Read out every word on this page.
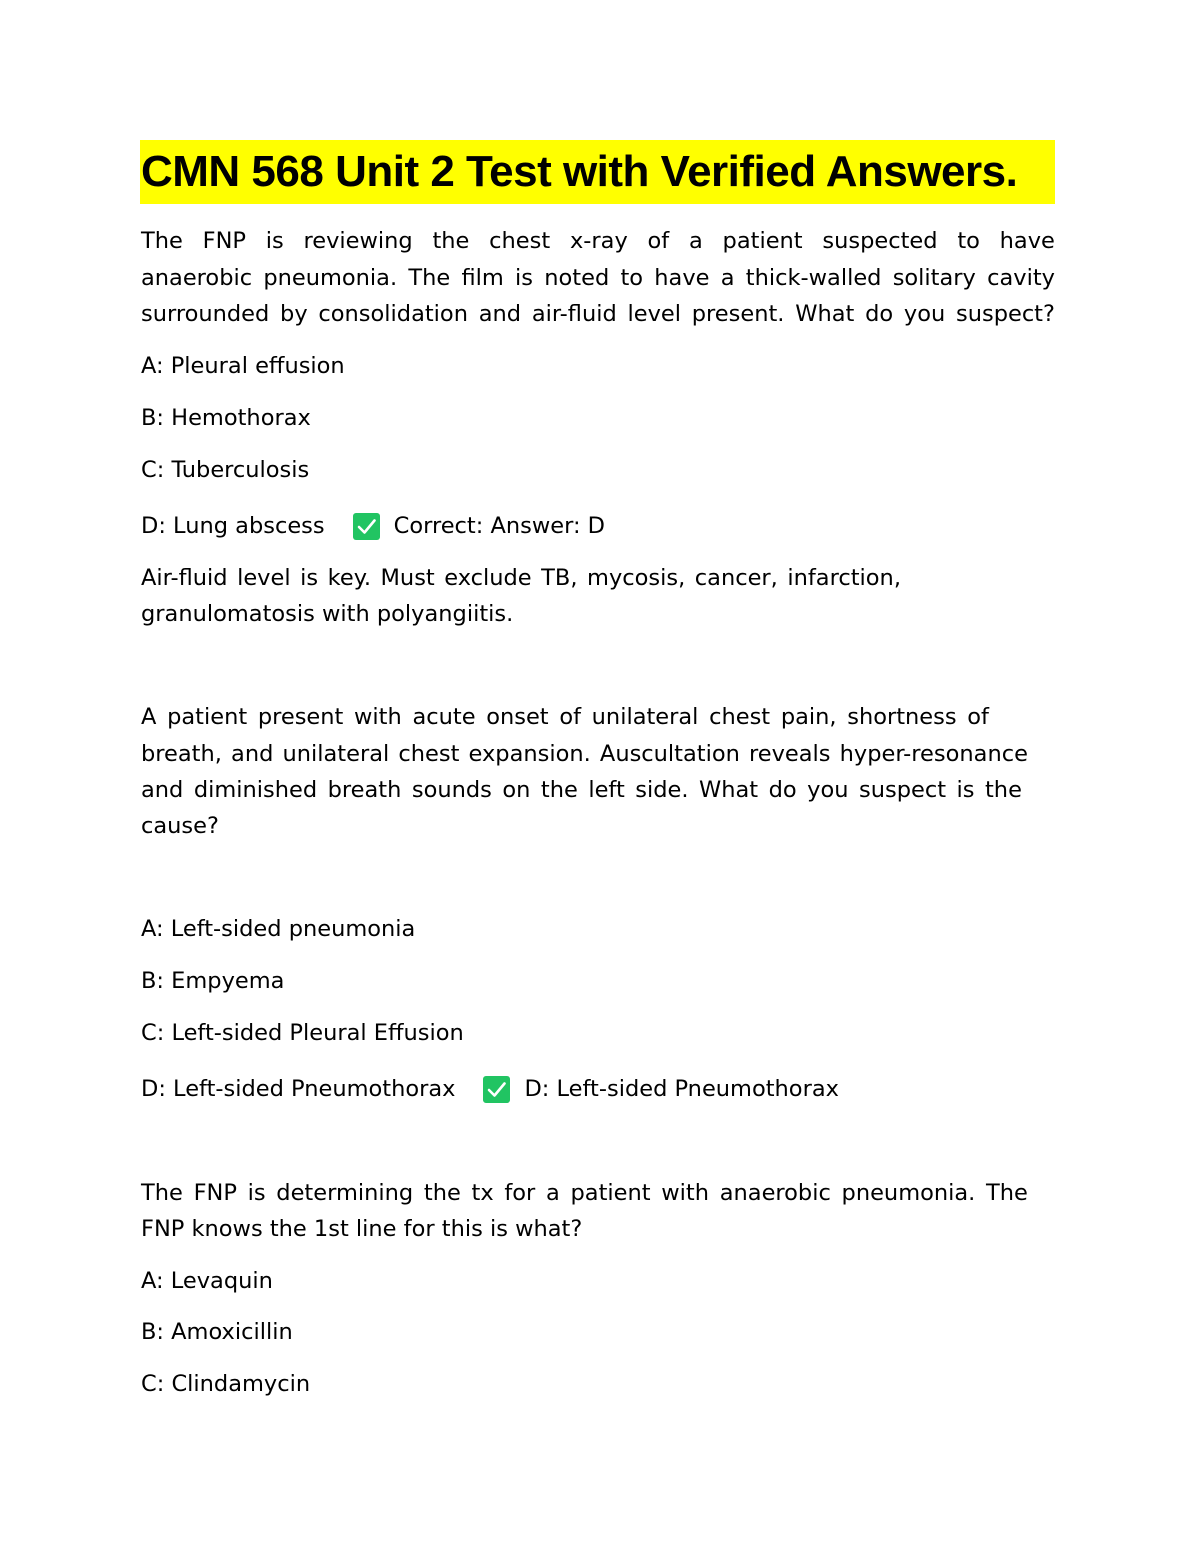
CMN 568 Unit 2 Test with Verified Answers.
The FNP is reviewing the chest x-ray of a patient suspected to have
anaerobic pneumonia. The film is noted to have a thick-walled solitary cavity
surrounded by consolidation and air-fluid level present. What do you suspect?
A: Pleural effusion
B: Hemothorax
C: Tuberculosis
D: Lung abscess	Correct: Answer: D
Air-fluid level is key. Must exclude TB, mycosis, cancer, infarction,
granulomatosis with polyangiitis.
A patient present with acute onset of unilateral chest pain, shortness of
breath, and unilateral chest expansion. Auscultation reveals hyper-resonance
and diminished breath sounds on the left side. What do you suspect is the
cause?
A: Left-sided pneumonia
B: Empyema
C: Left-sided Pleural Effusion
D: Left-sided Pneumothorax	D: Left-sided Pneumothorax
The FNP is determining the tx for a patient with anaerobic pneumonia. The
FNP knows the 1st line for this is what?
A: Levaquin
B: Amoxicillin
C: Clindamycin
